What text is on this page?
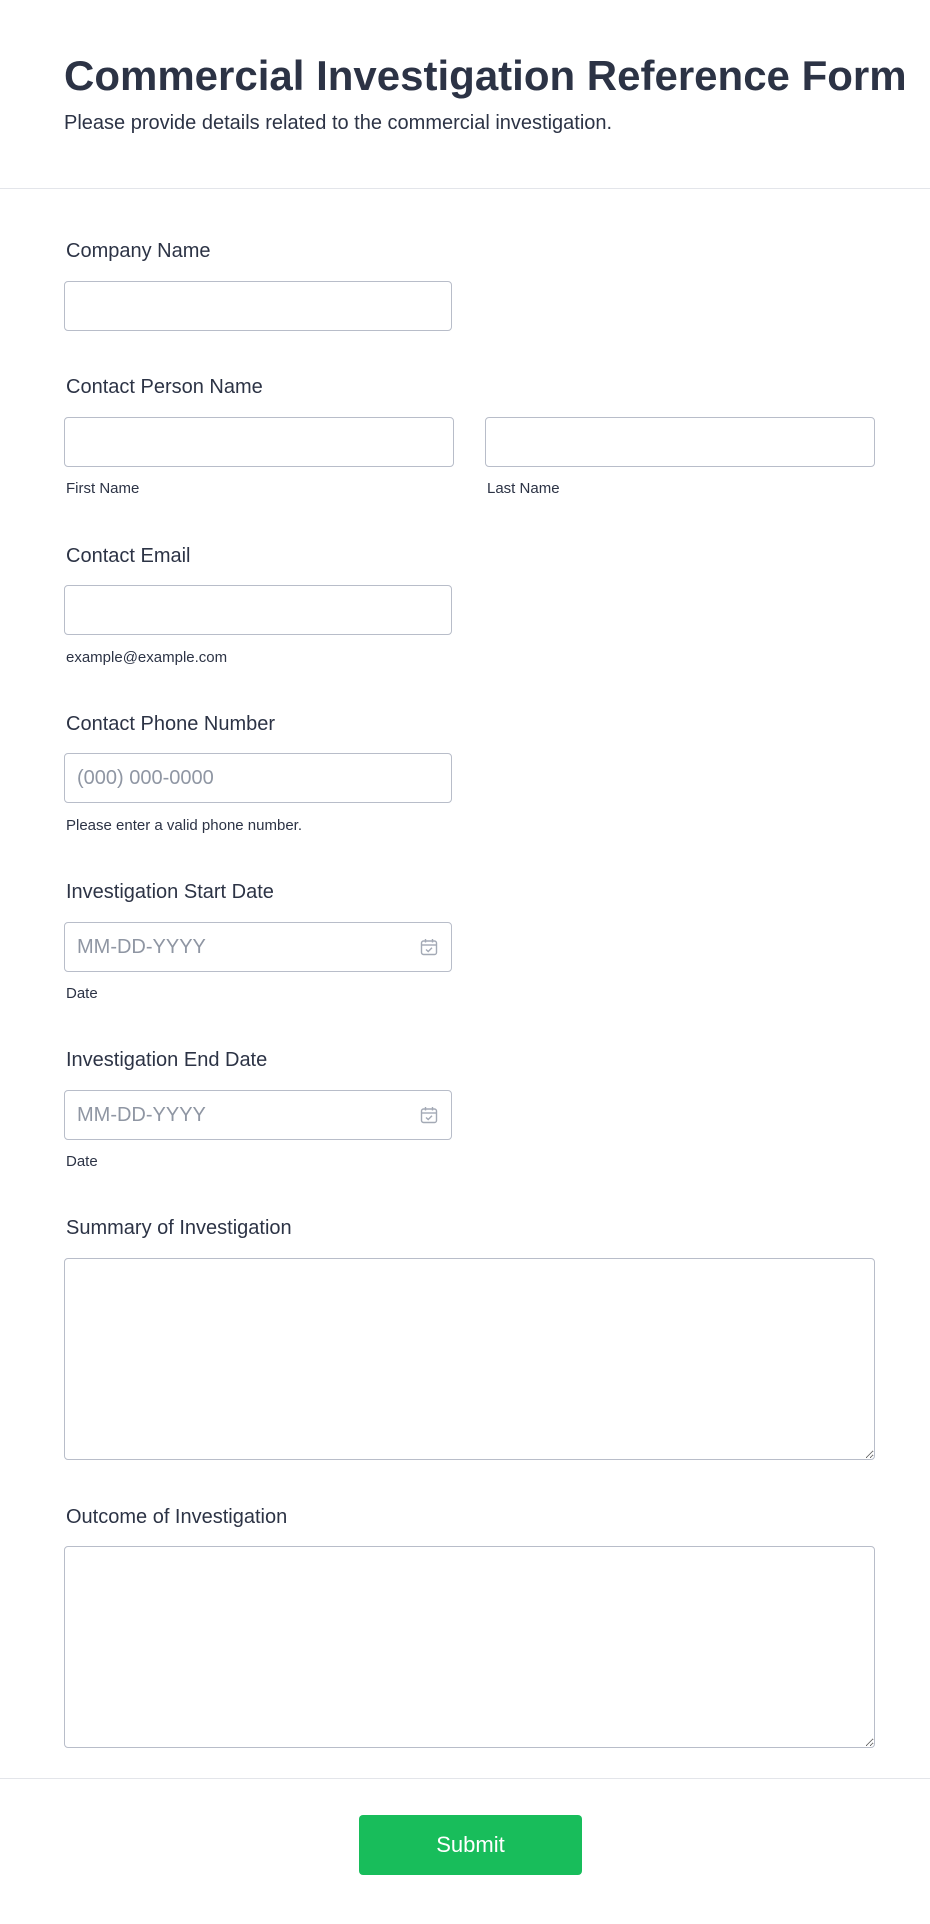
Commercial Investigation Reference Form

Please provide details related to the commercial investigation.

Company Name
Contact Person Name
First Name	Last Name
Contact Email
example@example.com
Contact Phone Number
(000) 000-0000
Please enter a valid phone number.
Investigation Start Date
MM-DD-YYYY
Date
Investigation End Date
MM-DD-YYYY
Date
Summary of Investigation
Outcome of Investigation
Submit
